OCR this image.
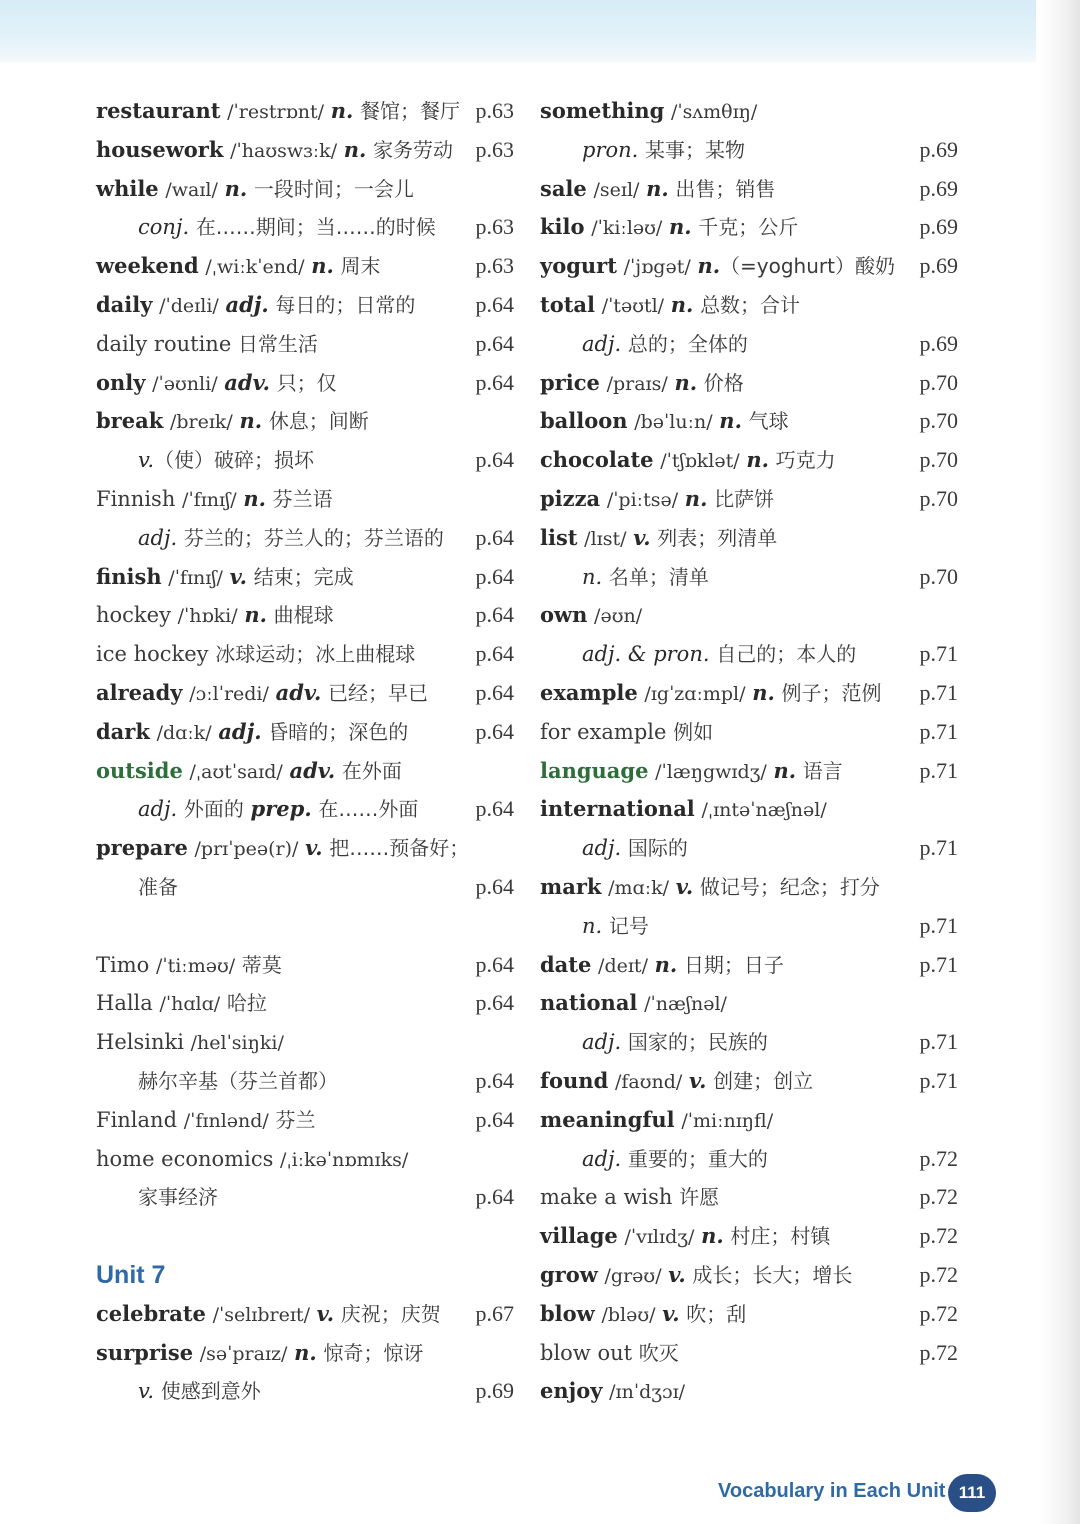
restaurant /ˈrestrɒnt/ n. 餐馆；餐厅 p.63
housework /ˈhaʊswɜːk/ n. 家务劳动 p.63
while /waɪl/ n. 一段时间；一会儿
conj. 在……期间；当……的时候 p.63
weekend /ˌwiːkˈend/ n. 周末	p.63
daily /ˈdeɪli/ adj. 每日的；日常的	p.64
daily routine 日常生活	p.64
only /ˈəʊnli/ adv. 只；仅	p.64
break /breɪk/ n. 休息；间断
v.（使）破碎；损坏	p.64
Finnish /ˈfɪnɪʃ/ n. 芬兰语
adj. 芬兰的；芬兰人的；芬兰语的 p.64
finish /ˈfɪnɪʃ/ v. 结束；完成	p.64
hockey /ˈhɒki/ n. 曲棍球	p.64
ice hockey 冰球运动；冰上曲棍球	p.64
already /ɔːlˈredi/ adv. 已经；早已 p.64
dark /dɑːk/ adj. 昏暗的；深色的	p.64
outside /ˌaʊtˈsaɪd/ adv. 在外面
adj. 外面的 prep. 在……外面	p.64
prepare /prɪˈpeə(r)/ v. 把……预备好；
准备	p.64
Timo /ˈtiːməʊ/ 蒂莫	p.64
Halla /ˈhɑlɑ/ 哈拉	p.64
Helsinki /helˈsiŋki/
赫尔辛基（芬兰首都）	p.64
Finland /ˈfɪnlənd/ 芬兰	p.64
home economics /ˌiːkəˈnɒmɪks/
家事经济	p.64
Unit 7
celebrate /ˈselɪbreɪt/ v. 庆祝；庆贺 p.67
surprise /səˈpraɪz/ n. 惊奇；惊讶
v. 使感到意外	p.69
something /ˈsʌmθɪŋ/
pron. 某事；某物	p.69
sale /seɪl/ n. 出售；销售	p.69
kilo /ˈkiːləʊ/ n. 千克；公斤	p.69
yogurt /ˈjɒgət/ n.（=yoghurt）酸奶 p.69
total /ˈtəʊtl/ n. 总数；合计
adj. 总的；全体的	p.69
price /praɪs/ n. 价格	p.70
balloon /bəˈluːn/ n. 气球	p.70
chocolate /ˈtʃɒklət/ n. 巧克力	p.70
pizza /ˈpiːtsə/ n. 比萨饼	p.70
list /lɪst/ v. 列表；列清单
n. 名单；清单	p.70
own /əʊn/
adj. & pron. 自己的；本人的	p.71
example /ɪgˈzɑːmpl/ n. 例子；范例 p.71
for example 例如	p.71
language /ˈlæŋgwɪdʒ/ n. 语言	p.71
international /ˌɪntəˈnæʃnəl/
adj. 国际的	p.71
mark /mɑːk/ v. 做记号；纪念；打分
n. 记号	p.71
date /deɪt/ n. 日期；日子	p.71
national /ˈnæʃnəl/
adj. 国家的；民族的	p.71
found /faʊnd/ v. 创建；创立	p.71
meaningful /ˈmiːnɪŋfl/
adj. 重要的；重大的	p.72
make a wish 许愿	p.72
village /ˈvɪlɪdʒ/ n. 村庄；村镇	p.72
grow /grəʊ/ v. 成长；长大；增长	p.72
blow /bləʊ/ v. 吹；刮	p.72
blow out 吹灭	p.72
enjoy /ɪnˈdʒɔɪ/
Vocabulary in Each Unit 111
